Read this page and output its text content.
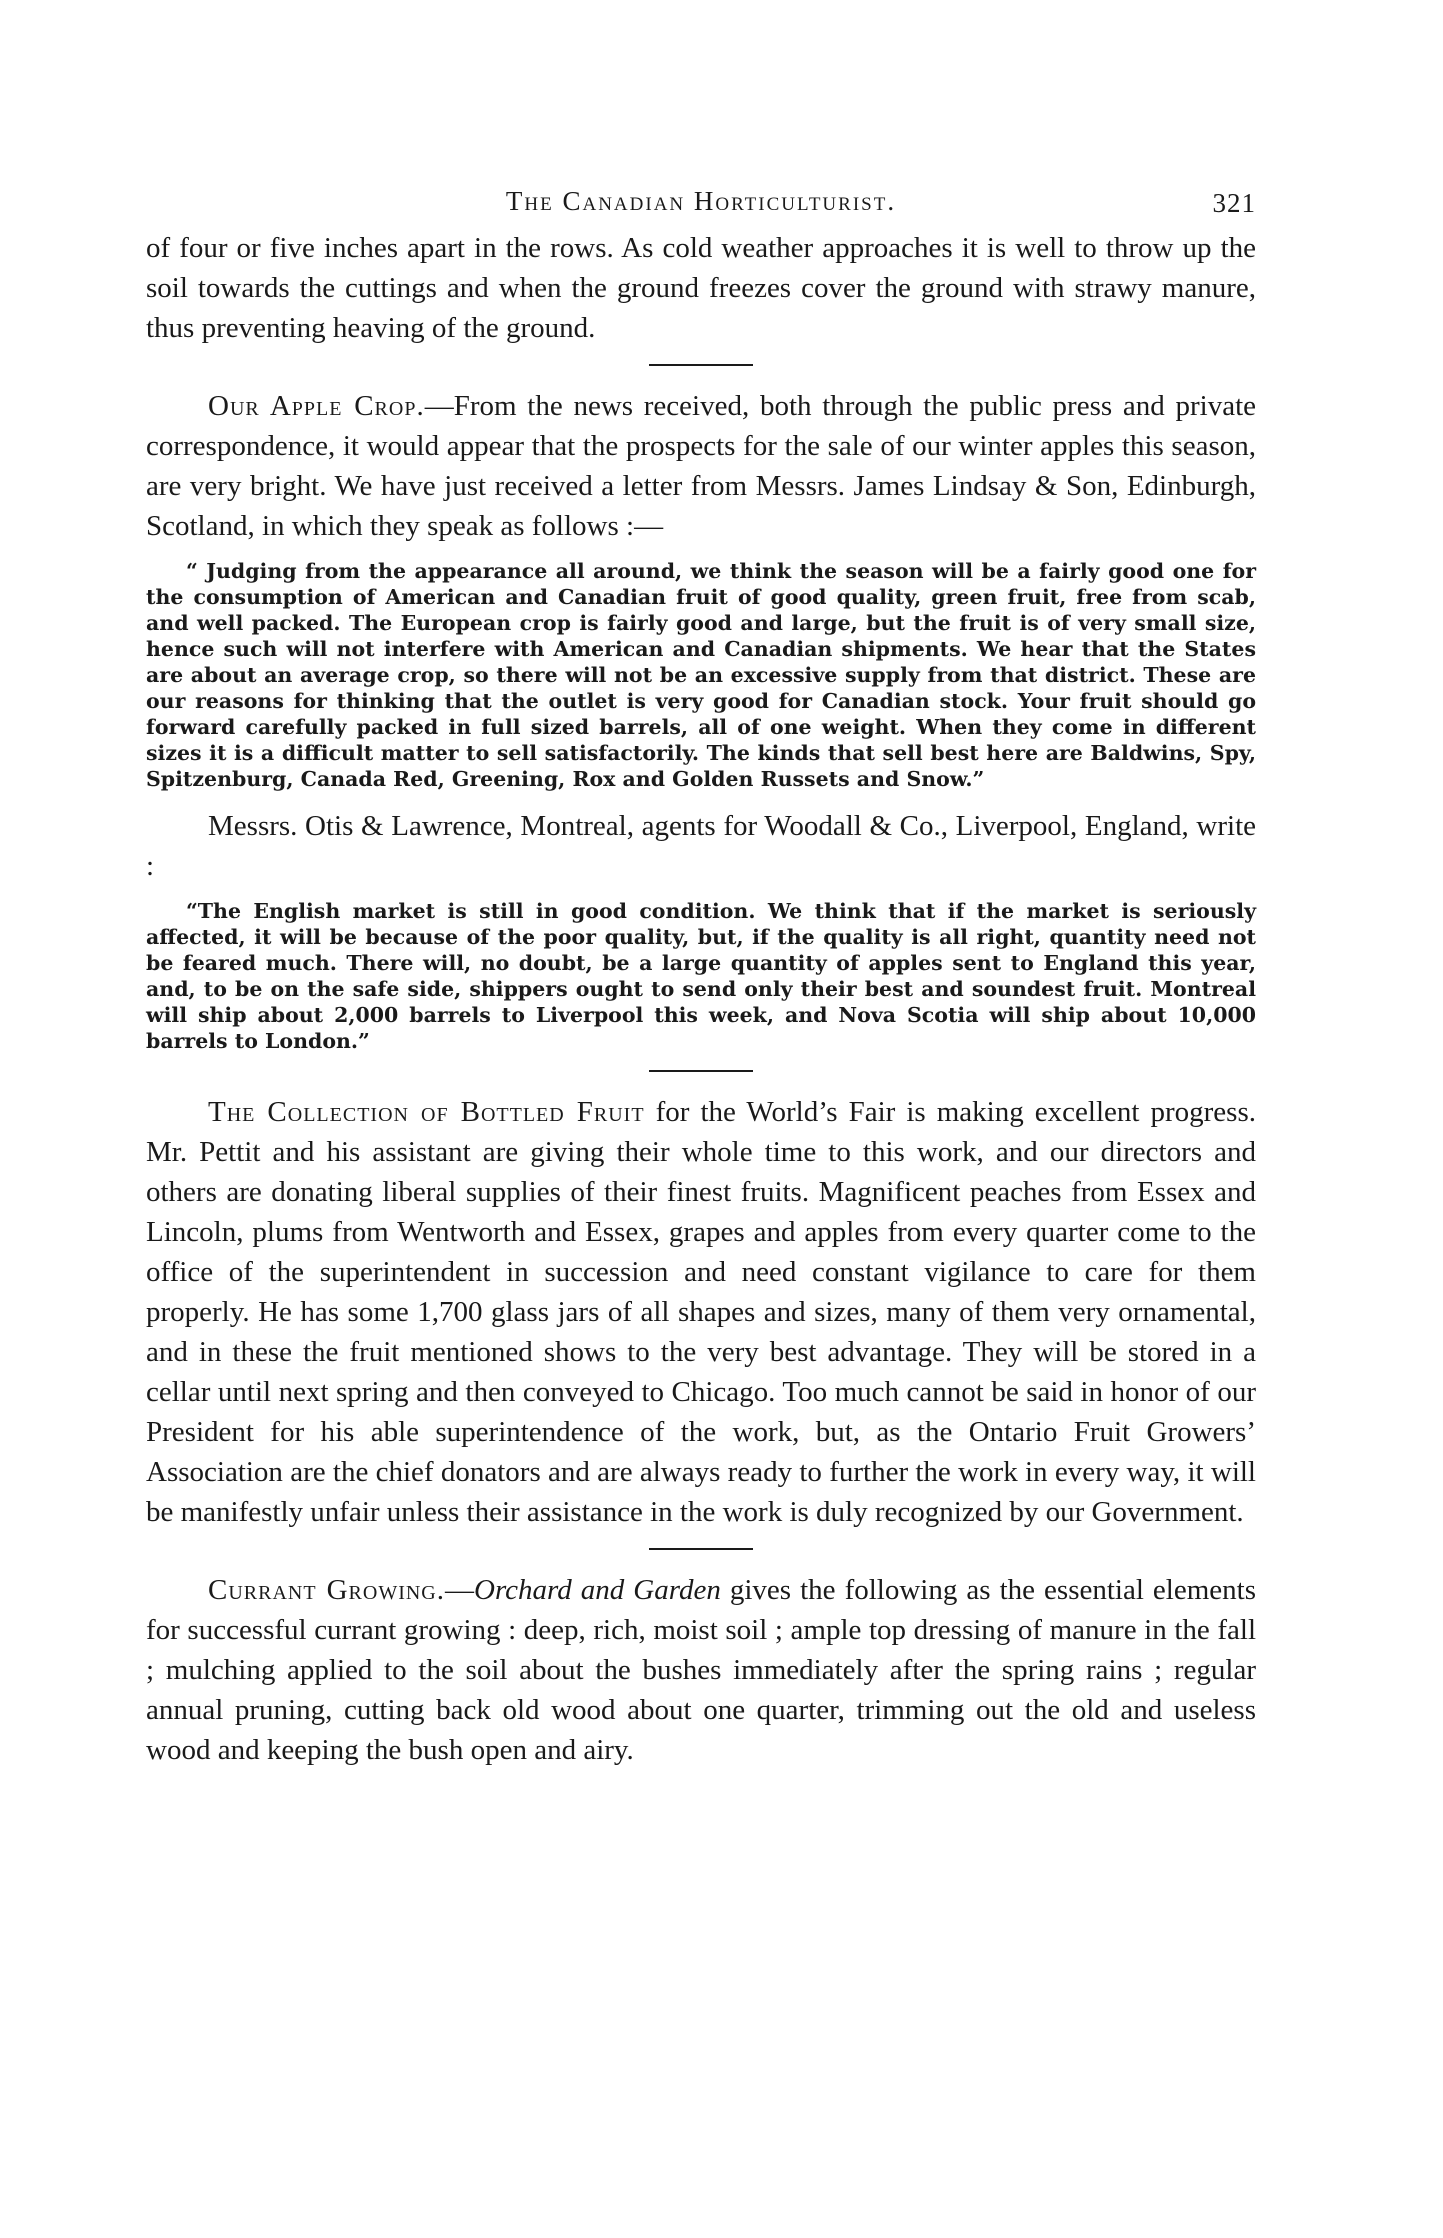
The Canadian Horticulturist.	321

of four or five inches apart in the rows. As cold weather approaches it is well to throw up the soil towards the cuttings and when the ground freezes cover the ground with strawy manure, thus preventing heaving of the ground.

Our Apple Crop.—From the news received, both through the public press and private correspondence, it would appear that the prospects for the sale of our winter apples this season, are very bright. We have just received a letter from Messrs. James Lindsay & Son, Edinburgh, Scotland, in which they speak as follows :—

“ Judging from the appearance all around, we think the season will be a fairly good one for the consumption of American and Canadian fruit of good quality, green fruit, free from scab, and well packed. The European crop is fairly good and large, but the fruit is of very small size, hence such will not interfere with American and Canadian shipments. We hear that the States are about an average crop, so there will not be an excessive supply from that district. These are our reasons for thinking that the outlet is very good for Canadian stock. Your fruit should go forward carefully packed in full sized barrels, all of one weight. When they come in different sizes it is a difficult matter to sell satisfactorily. The kinds that sell best here are Baldwins, Spy, Spitzenburg, Canada Red, Greening, Rox and Golden Russets and Snow.”

Messrs. Otis & Lawrence, Montreal, agents for Woodall & Co., Liverpool, England, write :

“The English market is still in good condition. We think that if the market is seriously affected, it will be because of the poor quality, but, if the quality is all right, quantity need not be feared much. There will, no doubt, be a large quantity of apples sent to England this year, and, to be on the safe side, shippers ought to send only their best and soundest fruit. Montreal will ship about 2,000 barrels to Liverpool this week, and Nova Scotia will ship about 10,000 barrels to London.”

The Collection of Bottled Fruit for the World’s Fair is making excellent progress. Mr. Pettit and his assistant are giving their whole time to this work, and our directors and others are donating liberal supplies of their finest fruits. Magnificent peaches from Essex and Lincoln, plums from Wentworth and Essex, grapes and apples from every quarter come to the office of the superintendent in succession and need constant vigilance to care for them properly. He has some 1,700 glass jars of all shapes and sizes, many of them very ornamental, and in these the fruit mentioned shows to the very best advantage. They will be stored in a cellar until next spring and then conveyed to Chicago. Too much cannot be said in honor of our President for his able superintendence of the work, but, as the Ontario Fruit Growers’ Association are the chief donators and are always ready to further the work in every way, it will be manifestly unfair unless their assistance in the work is duly recognized by our Government.

Currant Growing.—Orchard and Garden gives the following as the essential elements for successful currant growing : deep, rich, moist soil ; ample top dressing of manure in the fall ; mulching applied to the soil about the bushes immediately after the spring rains ; regular annual pruning, cutting back old wood about one quarter, trimming out the old and useless wood and keeping the bush open and airy.
